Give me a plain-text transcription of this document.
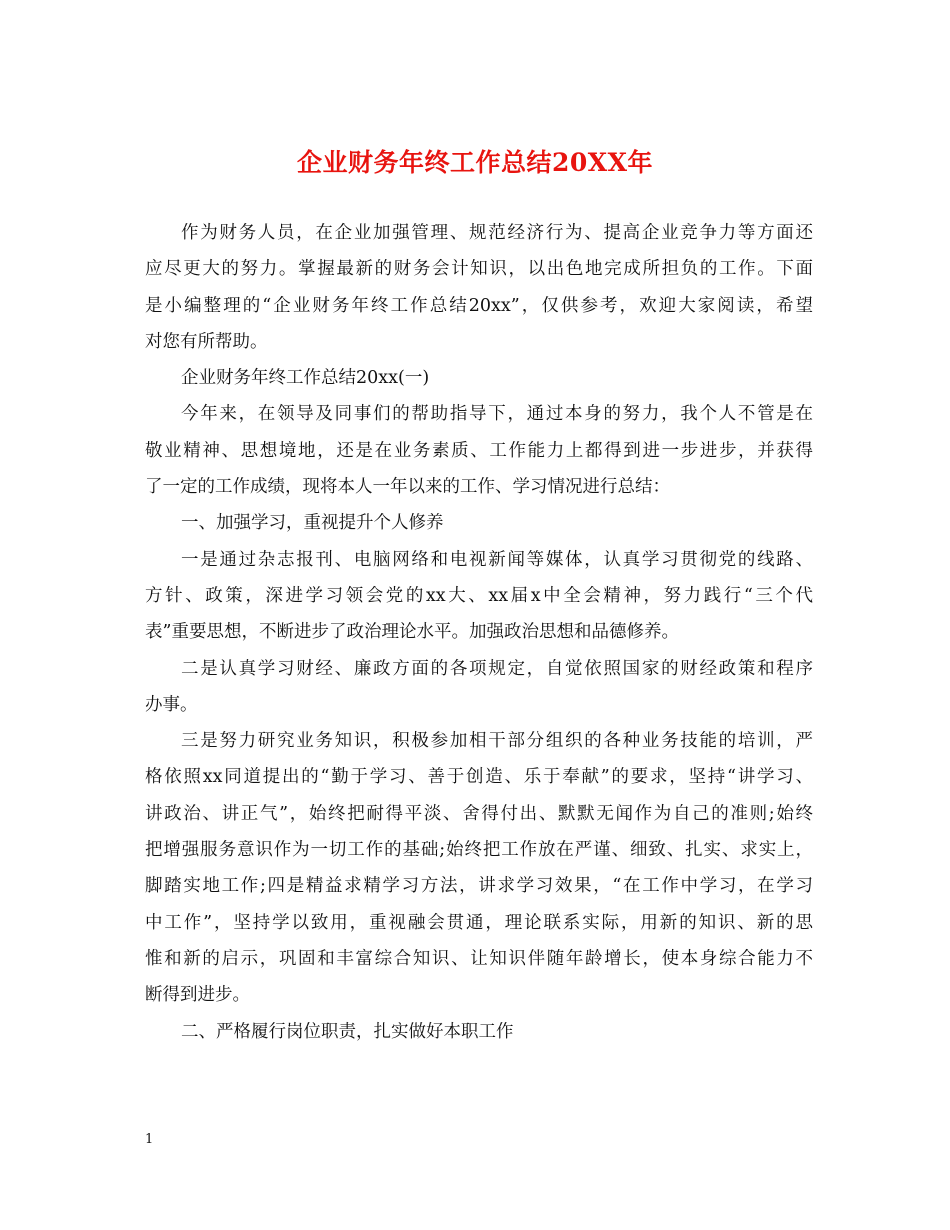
企业财务年终工作总结20XX年
作为财务人员，在企业加强管理、规范经济行为、提高企业竞争力等方面还
应尽更大的努力。掌握最新的财务会计知识，以出色地完成所担负的工作。下面
是小编整理的“企业财务年终工作总结20xx”，仅供参考，欢迎大家阅读，希望
对您有所帮助。
企业财务年终工作总结20xx(一)
今年来，在领导及同事们的帮助指导下，通过本身的努力，我个人不管是在
敬业精神、思想境地，还是在业务素质、工作能力上都得到进一步进步，并获得
了一定的工作成绩，现将本人一年以来的工作、学习情况进行总结：
一、加强学习，重视提升个人修养
一是通过杂志报刊、电脑网络和电视新闻等媒体，认真学习贯彻党的线路、
方针、政策，深进学习领会党的xx大、xx届x中全会精神，努力践行“三个代
表”重要思想，不断进步了政治理论水平。加强政治思想和品德修养。
二是认真学习财经、廉政方面的各项规定，自觉依照国家的财经政策和程序
办事。
三是努力研究业务知识，积极参加相干部分组织的各种业务技能的培训，严
格依照xx同道提出的“勤于学习、善于创造、乐于奉献”的要求，坚持“讲学习、
讲政治、讲正气”，始终把耐得平淡、舍得付出、默默无闻作为自己的准则;始终
把增强服务意识作为一切工作的基础;始终把工作放在严谨、细致、扎实、求实上，
脚踏实地工作;四是精益求精学习方法，讲求学习效果，“在工作中学习，在学习
中工作”，坚持学以致用，重视融会贯通，理论联系实际，用新的知识、新的思
惟和新的启示，巩固和丰富综合知识、让知识伴随年龄增长，使本身综合能力不
断得到进步。
二、严格履行岗位职责，扎实做好本职工作
1
